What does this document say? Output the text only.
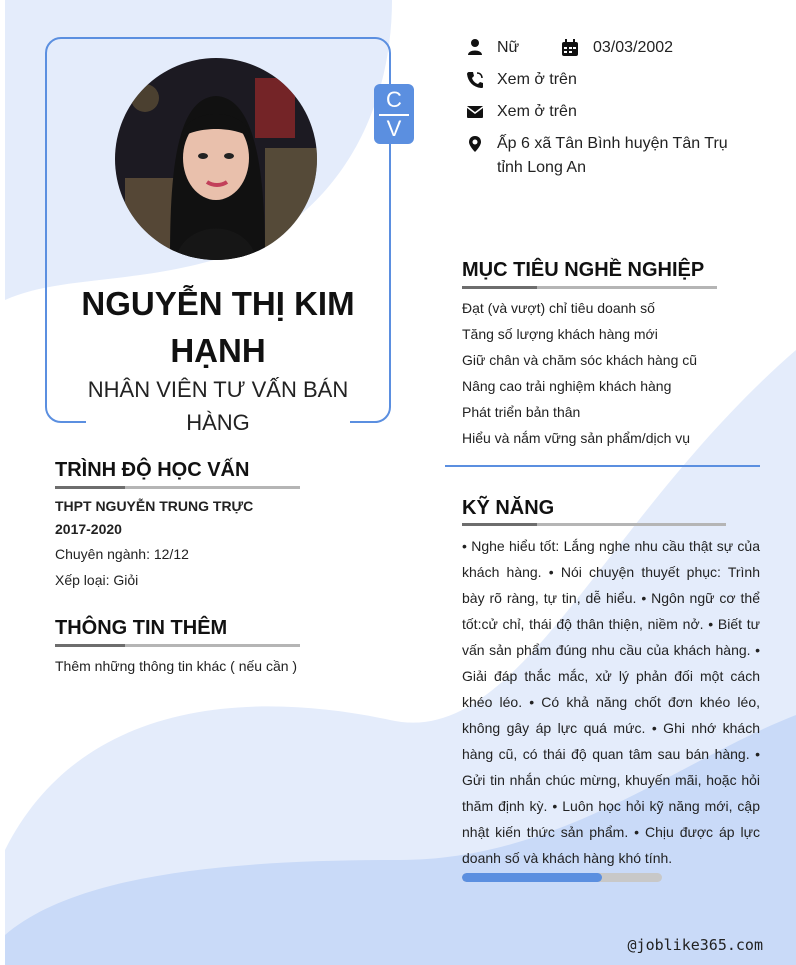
NGUYỄN THỊ KIM HẠNH
NHÂN VIÊN TƯ VẤN BÁN HÀNG
C
V
TRÌNH ĐỘ HỌC VẤN
THPT NGUYỄN TRUNG TRỰC
2017-2020
Chuyên ngành: 12/12
Xếp loại: Giỏi
THÔNG TIN THÊM
Thêm những thông tin khác ( nếu cần )
Nữ	03/03/2002
Xem ở trên
Xem ở trên
Ấp 6 xã Tân Bình huyện Tân Trụ tỉnh Long An
MỤC TIÊU NGHỀ NGHIỆP
Đạt (và vượt) chỉ tiêu doanh số
Tăng số lượng khách hàng mới
Giữ chân và chăm sóc khách hàng cũ
Nâng cao trải nghiệm khách hàng
Phát triển bản thân
Hiểu và nắm vững sản phẩm/dịch vụ
KỸ NĂNG
• Nghe hiểu tốt: Lắng nghe nhu cầu thật sự của khách hàng. • Nói chuyện thuyết phục: Trình bày rõ ràng, tự tin, dễ hiểu. • Ngôn ngữ cơ thể tốt:cử chỉ, thái độ thân thiện, niềm nở. • Biết tư vấn sản phẩm đúng nhu cầu của khách hàng. • Giải đáp thắc mắc, xử lý phản đối một cách khéo léo. • Có khả năng chốt đơn khéo léo, không gây áp lực quá mức. • Ghi nhớ khách hàng cũ, có thái độ quan tâm sau bán hàng. • Gửi tin nhắn chúc mừng, khuyến mãi, hoặc hỏi thăm định kỳ. • Luôn học hỏi kỹ năng mới, cập nhật kiến thức sản phẩm. • Chịu được áp lực doanh số và khách hàng khó tính.
@joblike365.com
